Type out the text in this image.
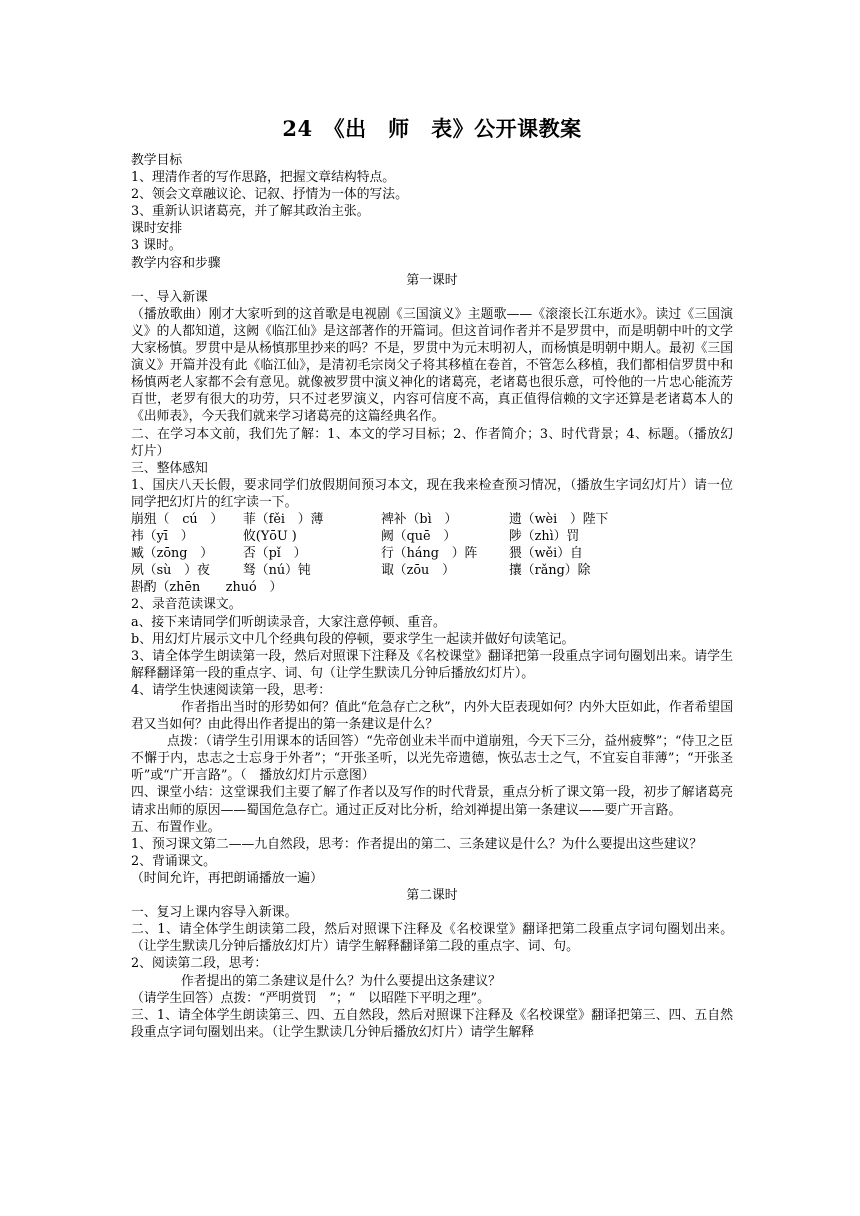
24　《出　师　表》公开课教案
教学目标
1、理清作者的写作思路，把握文章结构特点。
2、领会文章融议论、记叙、抒情为一体的写法。
3、重新认识诸葛亮，并了解其政治主张。
课时安排
3 课时。
教学内容和步骤
第一课时
一、导入新课
（播放歌曲）刚才大家听到的这首歌是电视剧《三国演义》主题歌——《滚滚长江东逝水》。读过《三国演义》的人都知道，这阙《临江仙》是这部著作的开篇词。但这首词作者并不是罗贯中，而是明朝中叶的文学大家杨慎。罗贯中是从杨慎那里抄来的吗？不是，罗贯中为元末明初人，而杨慎是明朝中期人。最初《三国演义》开篇并没有此《临江仙》，是清初毛宗岗父子将其移植在卷首，不管怎么移植，我们都相信罗贯中和杨慎两老人家都不会有意见。就像被罗贯中演义神化的诸葛亮，老诸葛也很乐意，可怜他的一片忠心能流芳百世，老罗有很大的功劳，只不过老罗演义，内容可信度不高，真正值得信赖的文字还算是老诸葛本人的《出师表》，今天我们就来学习诸葛亮的这篇经典名作。
二、在学习本文前，我们先了解：1、本文的学习目标；2、作者简介；3、时代背景；4、标题。（播放幻灯片）
三、整体感知
1、国庆八天长假，要求同学们放假期间预习本文，现在我来检查预习情况，（播放生字词幻灯片）请一位同学把幻灯片的红字读一下。
崩殂（　cú　）	菲（fěi　）薄	裨补（bì　）	遗（wèi　）陛下
袆（yī　）	攸(YōU )	阙（quē　）	陟（zhì）罚
臧（zōng　）	否（pǐ　）	行（háng　）阵	猥（wěi）自
夙（sù　）夜	驽（nú）钝	诹（zōu　）	攘（rǎng）除
斟酌（zhēn　　zhuó　）
2、录音范读课文。
a、接下来请同学们听朗读录音，大家注意停顿、重音。
b、用幻灯片展示文中几个经典句段的停顿，要求学生一起读并做好句读笔记。
3、请全体学生朗读第一段，然后对照课下注释及《名校课堂》翻译把第一段重点字词句圈划出来。请学生解释翻译第一段的重点字、词、句（让学生默读几分钟后播放幻灯片）。
4、请学生快速阅读第一段，思考：
作者指出当时的形势如何？值此“危急存亡之秋”，内外大臣表现如何？内外大臣如此，作者希望国君又当如何？由此得出作者提出的第一条建议是什么？
点拨：（请学生引用课本的话回答）“先帝创业未半而中道崩殂，今天下三分，益州疲弊”；“侍卫之臣不懈于内，忠志之士忘身于外者”；“开张圣听，以光先帝遗德，恢弘志士之气，不宜妄自菲薄”；“开张圣听”或“广开言路”。（　播放幻灯片示意图）
四、课堂小结：这堂课我们主要了解了作者以及写作的时代背景，重点分析了课文第一段，初步了解诸葛亮请求出师的原因——蜀国危急存亡。通过正反对比分析，给刘禅提出第一条建议——要广开言路。
五、布置作业。
1、预习课文第二——九自然段，思考：作者提出的第二、三条建议是什么？为什么要提出这些建议？
2、背诵课文。
（时间允许，再把朗诵播放一遍）
第二课时
一、复习上课内容导入新课。
二、1、请全体学生朗读第二段，然后对照课下注释及《名校课堂》翻译把第二段重点字词句圈划出来。（让学生默读几分钟后播放幻灯片）请学生解释翻译第二段的重点字、词、句。
2、阅读第二段，思考：
作者提出的第二条建议是什么？为什么要提出这条建议？
（请学生回答）点拨：“严明赏罚　”；“　以昭陛下平明之理”。
三、1、请全体学生朗读第三、四、五自然段，然后对照课下注释及《名校课堂》翻译把第三、四、五自然段重点字词句圈划出来。（让学生默读几分钟后播放幻灯片）请学生解释
